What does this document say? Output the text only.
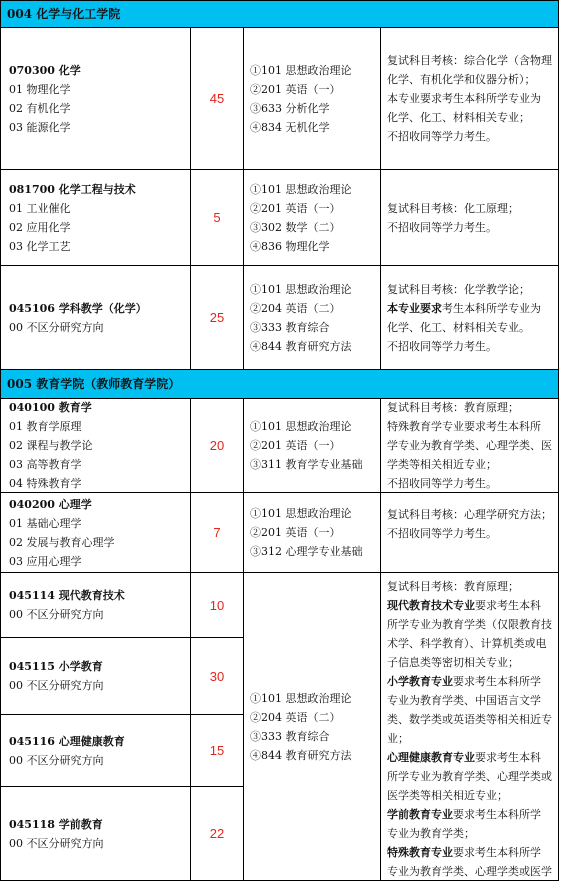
004 化学与化工学院
070300 化学
01 物理化学
02 有机化学
03 能源化学
45
①101 思想政治理论
②201 英语（一）
③633 分析化学
④834 无机化学
复试科目考核：综合化学（含物理
化学、有机化学和仪器分析）；
本专业要求考生本科所学专业为
化学、化工、材料相关专业；
不招收同等学力考生。
081700 化学工程与技术
01 工业催化
02 应用化学
03 化学工艺
5
①101 思想政治理论
②201 英语（一）
③302 数学（二）
④836 物理化学
复试科目考核：化工原理；
不招收同等学力考生。
045106 学科教学（化学）
00 不区分研究方向
25
①101 思想政治理论
②204 英语（二）
③333 教育综合
④844 教育研究方法
复试科目考核：化学教学论；
本专业要求考生本科所学专业为
化学、化工、材料相关专业。
不招收同等学力考生。
005 教育学院（教师教育学院）
040100 教育学
01 教育学原理
02 课程与教学论
03 高等教育学
04 特殊教育学
20
①101 思想政治理论
②201 英语（一）
③311 教育学专业基础
复试科目考核：教育原理；
特殊教育学专业要求考生本科所
学专业为教育学类、心理学类、医
学类等相关相近专业；
不招收同等学力考生。
040200 心理学
01 基础心理学
02 发展与教育心理学
03 应用心理学
7
①101 思想政治理论
②201 英语（一）
③312 心理学专业基础
复试科目考核：心理学研究方法；
不招收同等学力考生。
045114 现代教育技术
00 不区分研究方向
10
045115 小学教育
00 不区分研究方向
30
045116 心理健康教育
00 不区分研究方向
15
045118 学前教育
00 不区分研究方向
22
①101 思想政治理论
②204 英语（二）
③333 教育综合
④844 教育研究方法
复试科目考核：教育原理；
现代教育技术专业要求考生本科
所学专业为教育学类（仅限教育技
术学、科学教育）、计算机类或电
子信息类等密切相关专业；
小学教育专业要求考生本科所学
专业为教育学类、中国语言文学
类、数学类或英语类等相关相近专
业；
心理健康教育专业要求考生本科
所学专业为教育学类、心理学类或
医学类等相关相近专业；
学前教育专业要求考生本科所学
专业为教育学类；
特殊教育专业要求考生本科所学
专业为教育学类、心理学类或医学
